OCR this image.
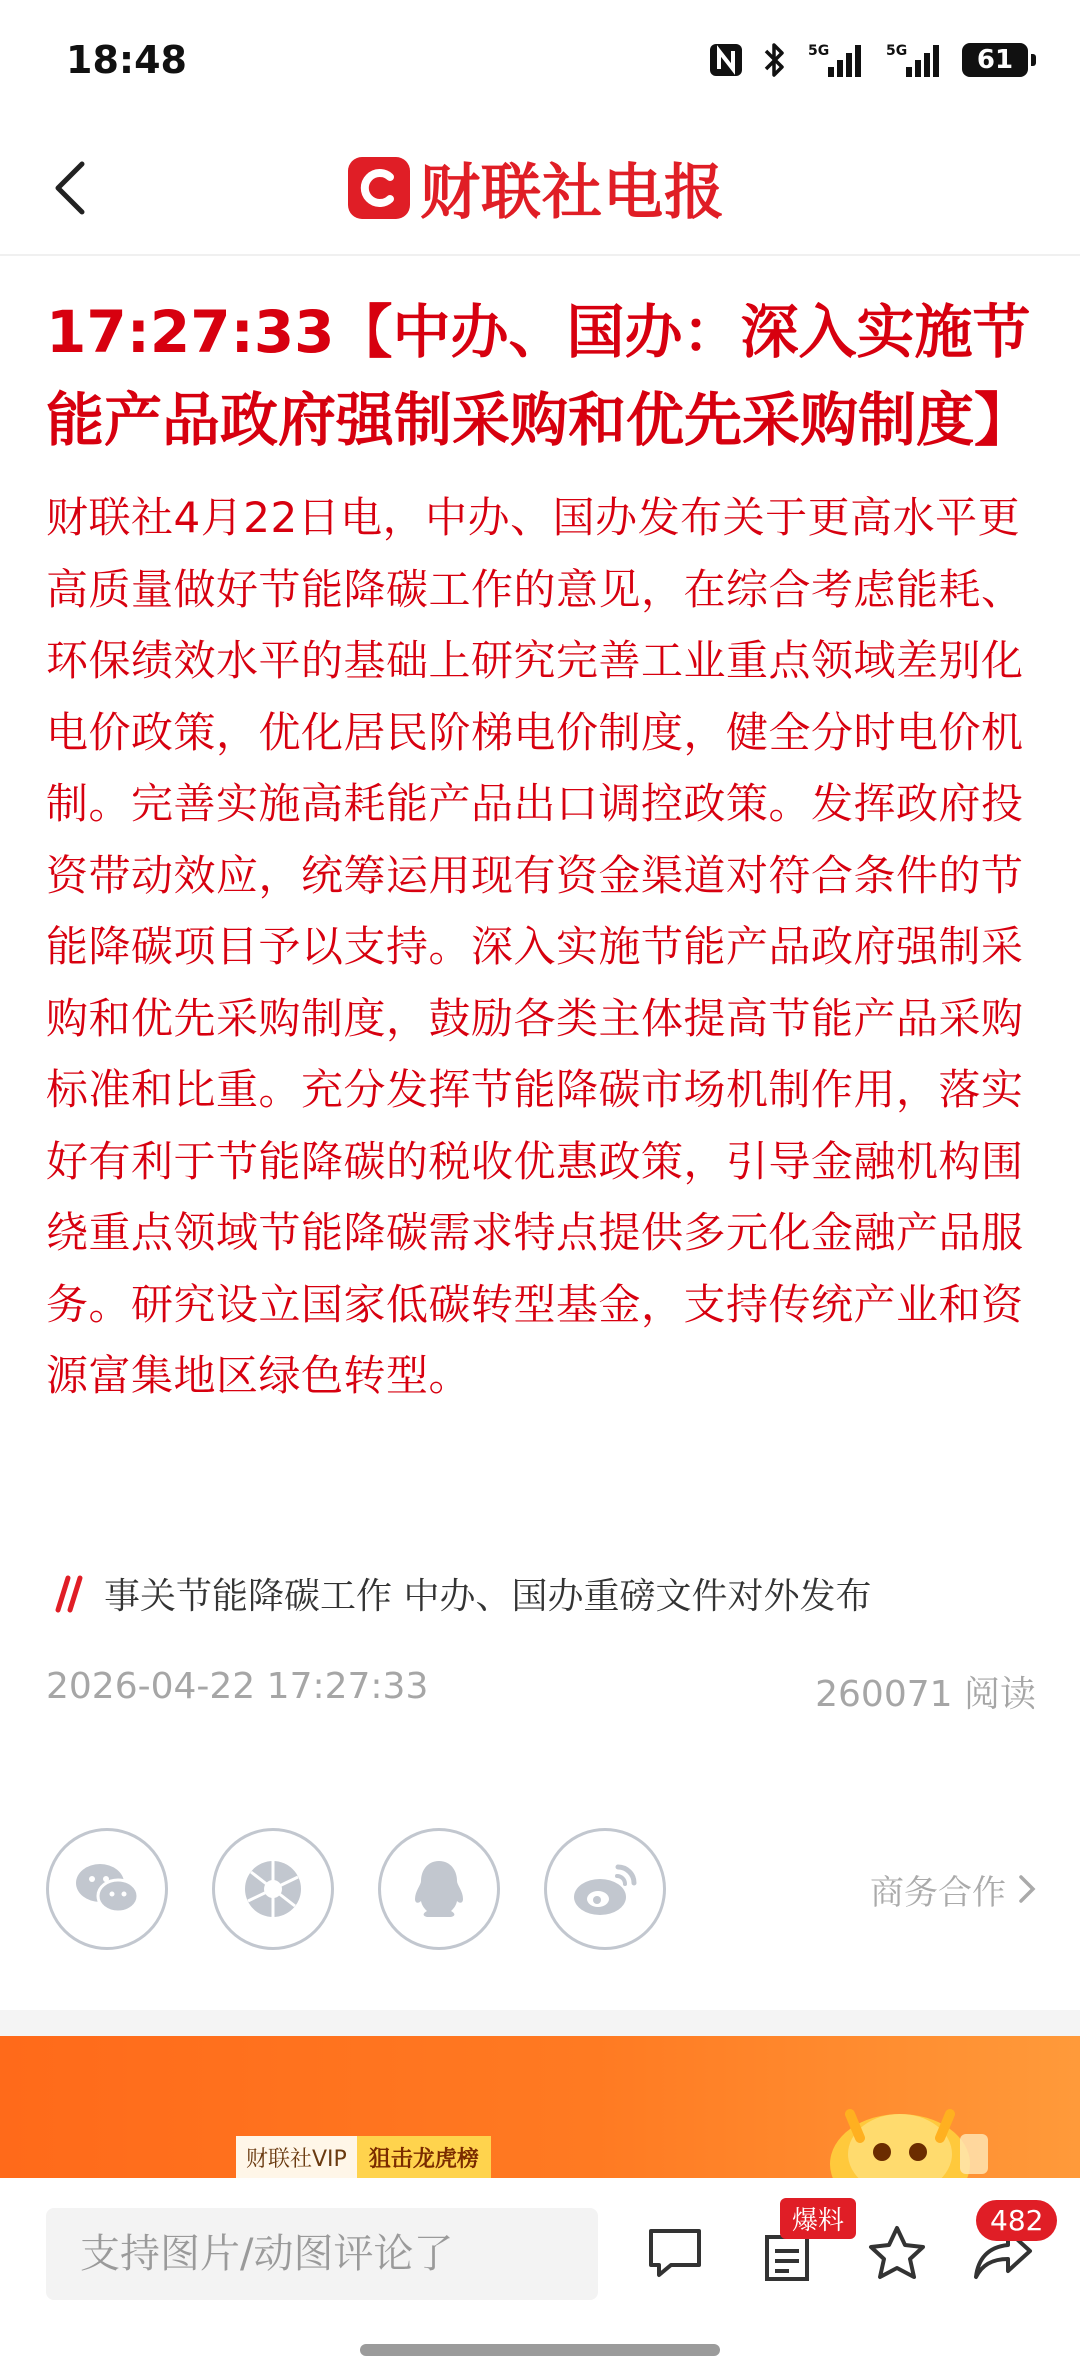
18:48	5G	5G	61
财联社 电报
17:27:33【中办、国办：深入实施节能产品政府强制采购和优先采购制度】

财联社4月22日电，中办、国办发布关于更高水平更高质量做好节能降碳工作的意见，在综合考虑能耗、环保绩效水平的基础上研究完善工业重点领域差别化电价政策，优化居民阶梯电价制度，健全分时电价机制。完善实施高耗能产品出口调控政策。发挥政府投资带动效应，统筹运用现有资金渠道对符合条件的节能降碳项目予以支持。深入实施节能产品政府强制采购和优先采购制度，鼓励各类主体提高节能产品采购标准和比重。充分发挥节能降碳市场机制作用，落实好有利于节能降碳的税收优惠政策，引导金融机构围绕重点领域节能降碳需求特点提供多元化金融产品服务。研究设立国家低碳转型基金，支持传统产业和资源富集地区绿色转型。

事关节能降碳工作 中办、国办重磅文件对外发布
2026-04-22 17:27:33	260071 阅读
商务合作
财联社VIP	狙击龙虎榜
支持图片/动图评论了
爆料	482
